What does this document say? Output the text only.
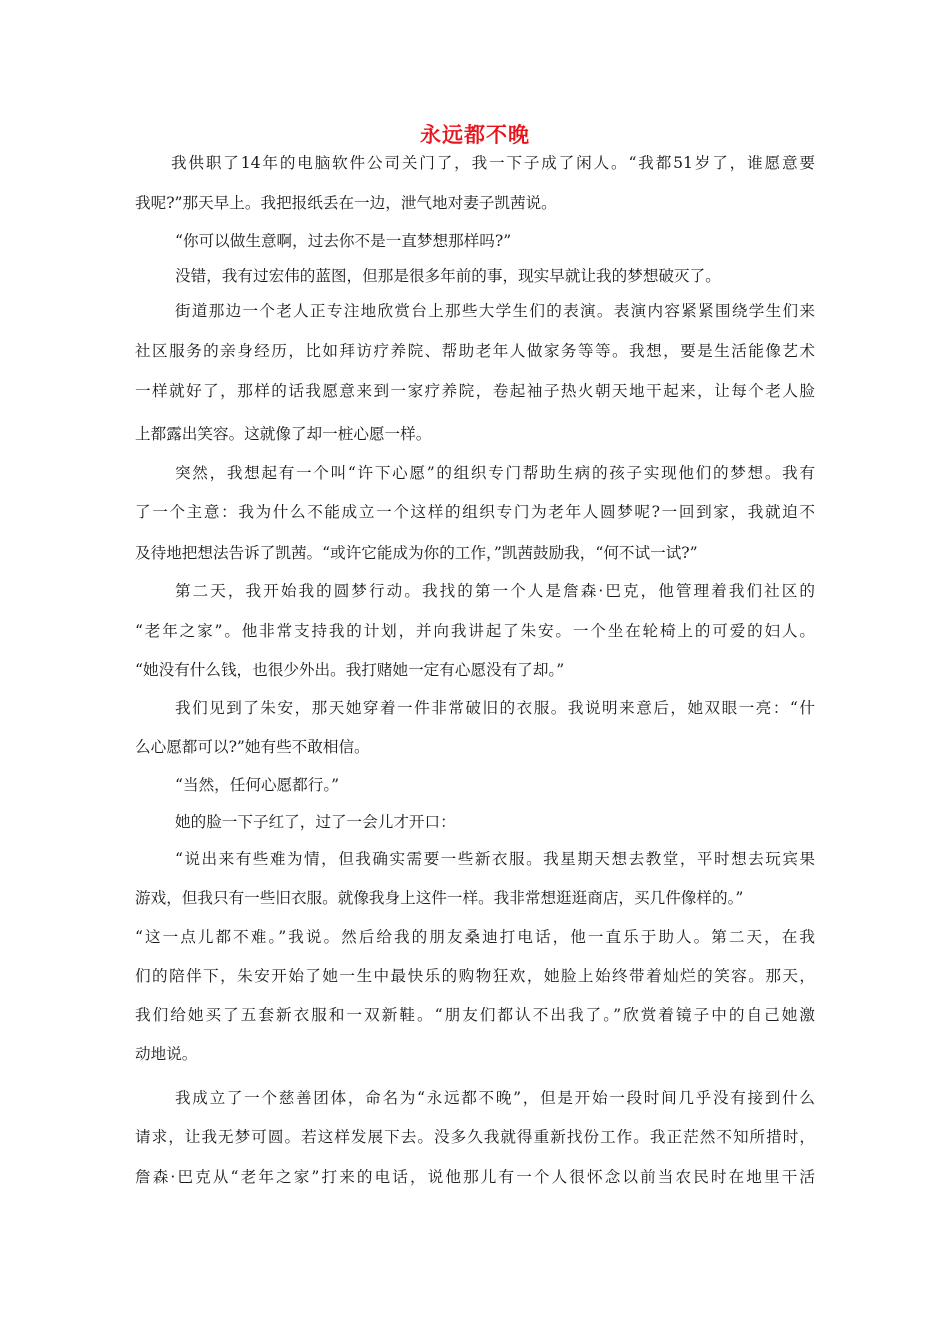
永远都不晚
我供职了14年的电脑软件公司关门了，我一下子成了闲人。“我都51岁了，谁愿意要
我呢?”那天早上。我把报纸丢在一边，泄气地对妻子凯茜说。
“你可以做生意啊，过去你不是一直梦想那样吗?”
没错，我有过宏伟的蓝图，但那是很多年前的事，现实早就让我的梦想破灭了。
街道那边一个老人正专注地欣赏台上那些大学生们的表演。表演内容紧紧围绕学生们来
社区服务的亲身经历，比如拜访疗养院、帮助老年人做家务等等。我想，要是生活能像艺术
一样就好了，那样的话我愿意来到一家疗养院，卷起袖子热火朝天地干起来，让每个老人脸
上都露出笑容。这就像了却一桩心愿一样。
突然，我想起有一个叫“许下心愿”的组织专门帮助生病的孩子实现他们的梦想。我有
了一个主意：我为什么不能成立一个这样的组织专门为老年人圆梦呢?一回到家，我就迫不
及待地把想法告诉了凯茜。“或许它能成为你的工作，”凯茜鼓励我，“何不试一试?”
第二天，我开始我的圆梦行动。我找的第一个人是詹森·巴克，他管理着我们社区的
“老年之家”。他非常支持我的计划，并向我讲起了朱安。一个坐在轮椅上的可爱的妇人。
“她没有什么钱，也很少外出。我打赌她一定有心愿没有了却。”
我们见到了朱安，那天她穿着一件非常破旧的衣服。我说明来意后，她双眼一亮：“什
么心愿都可以?”她有些不敢相信。
“当然，任何心愿都行。”
她的脸一下子红了，过了一会儿才开口：
“说出来有些难为情，但我确实需要一些新衣服。我星期天想去教堂，平时想去玩宾果
游戏，但我只有一些旧衣服。就像我身上这件一样。我非常想逛逛商店，买几件像样的。”
“这一点儿都不难。”我说。然后给我的朋友桑迪打电话，他一直乐于助人。第二天，在我
们的陪伴下，朱安开始了她一生中最快乐的购物狂欢，她脸上始终带着灿烂的笑容。那天，
我们给她买了五套新衣服和一双新鞋。“朋友们都认不出我了。”欣赏着镜子中的自己她激
动地说。
我成立了一个慈善团体，命名为“永远都不晚”，但是开始一段时间几乎没有接到什么
请求，让我无梦可圆。若这样发展下去。没多久我就得重新找份工作。我正茫然不知所措时，
詹森·巴克从“老年之家”打来的电话，说他那儿有一个人很怀念以前当农民时在地里干活
